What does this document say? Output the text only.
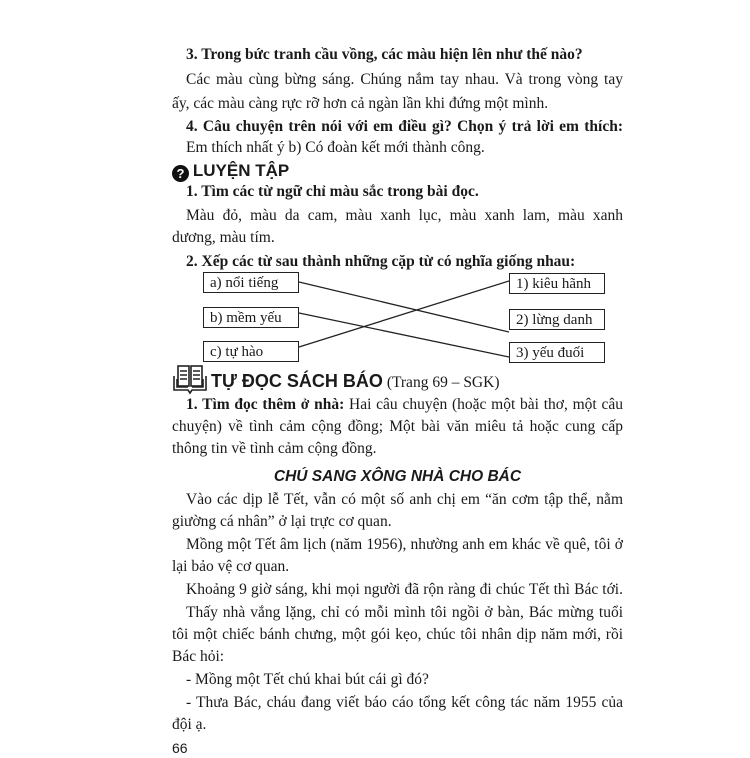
3. Trong bức tranh cầu vồng, các màu hiện lên như thế nào?
Các màu cùng bừng sáng. Chúng nắm tay nhau. Và trong vòng tay
ấy, các màu càng rực rỡ hơn cả ngàn lần khi đứng một mình.
4. Câu chuyện trên nói với em điều gì? Chọn ý trả lời em thích:
Em thích nhất ý b) Có đoàn kết mới thành công.
? LUYỆN TẬP
1. Tìm các từ ngữ chỉ màu sắc trong bài đọc.
Màu đỏ, màu da cam, màu xanh lục, màu xanh lam, màu xanh
dương, màu tím.
2. Xếp các từ sau thành những cặp từ có nghĩa giống nhau:
a) nổi tiếng
b) mềm yếu
c) tự hào
1) kiêu hãnh
2) lừng danh
3) yếu đuối
TỰ ĐỌC SÁCH BÁO (Trang 69 – SGK)
1. Tìm đọc thêm ở nhà: Hai câu chuyện (hoặc một bài thơ, một câu
chuyện) về tình cảm cộng đồng; Một bài văn miêu tả hoặc cung cấp
thông tin về tình cảm cộng đồng.
CHÚ SANG XÔNG NHÀ CHO BÁC
Vào các dịp lễ Tết, vẫn có một số anh chị em “ăn cơm tập thể, nằm
giường cá nhân” ở lại trực cơ quan.
Mồng một Tết âm lịch (năm 1956), nhường anh em khác về quê, tôi ở
lại bảo vệ cơ quan.
Khoảng 9 giờ sáng, khi mọi người đã rộn ràng đi chúc Tết thì Bác tới.
Thấy nhà vắng lặng, chỉ có mỗi mình tôi ngồi ở bàn, Bác mừng tuổi
tôi một chiếc bánh chưng, một gói kẹo, chúc tôi nhân dịp năm mới, rồi
Bác hỏi:
- Mồng một Tết chú khai bút cái gì đó?
- Thưa Bác, cháu đang viết báo cáo tổng kết công tác năm 1955 của
đội ạ.
66
